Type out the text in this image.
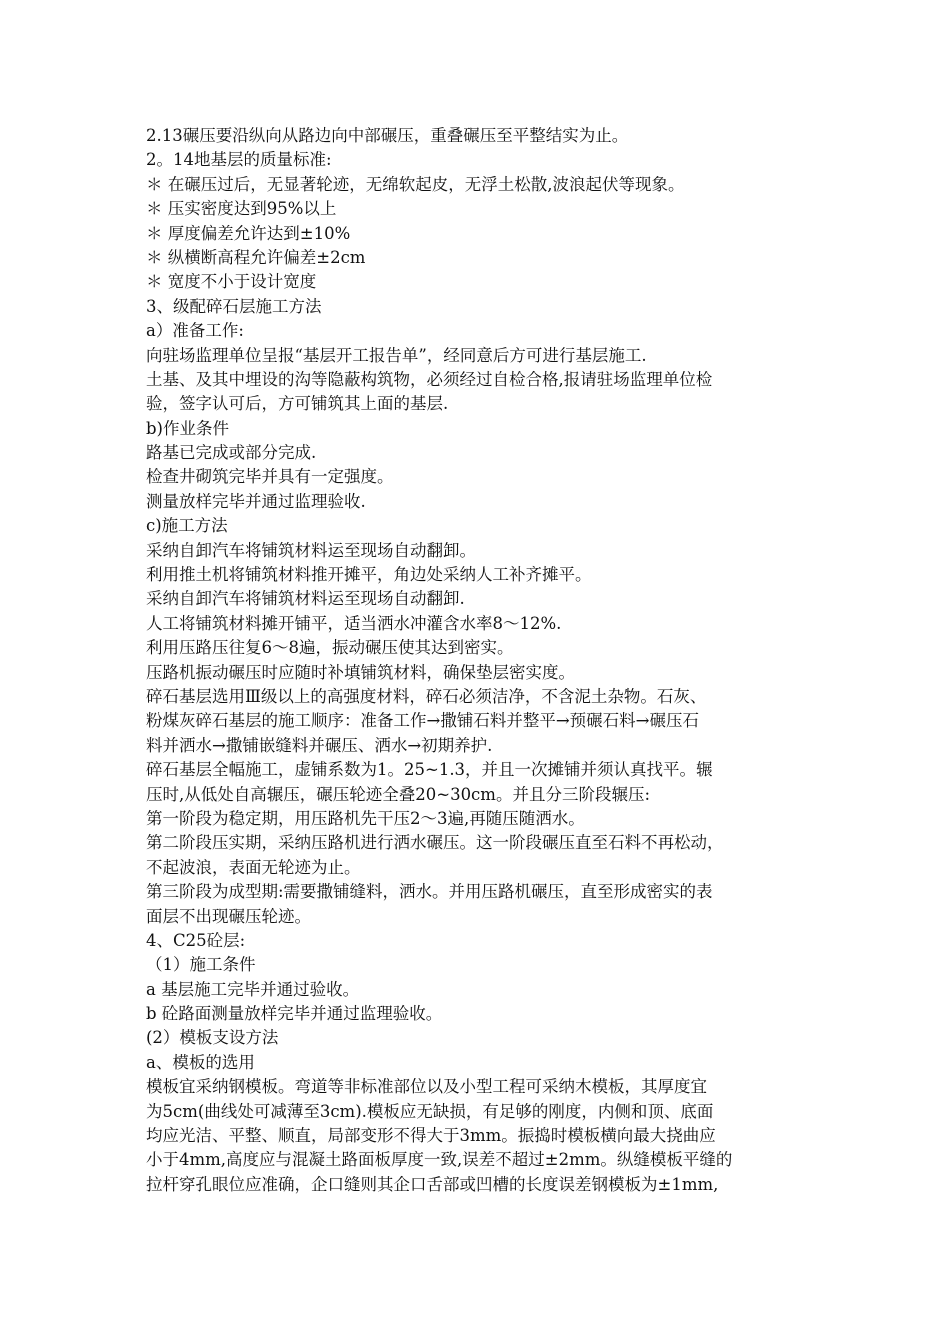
2.13碾压要沿纵向从路边向中部碾压，重叠碾压至平整结实为止。
2。14地基层的质量标准:
＊ 在碾压过后，无显著轮迹，无绵软起皮，无浮土松散,波浪起伏等现象。
＊ 压实密度达到95%以上
＊ 厚度偏差允许达到±10%
＊ 纵横断高程允许偏差±2cm
＊ 宽度不小于设计宽度
3、级配碎石层施工方法
a）准备工作:
向驻场监理单位呈报“基层开工报告单”，经同意后方可进行基层施工.
土基、及其中埋设的沟等隐蔽构筑物，必须经过自检合格,报请驻场监理单位检
验，签字认可后，方可铺筑其上面的基层.
b)作业条件
路基已完成或部分完成.
检查井砌筑完毕并具有一定强度。
测量放样完毕并通过监理验收.
c)施工方法
采纳自卸汽车将铺筑材料运至现场自动翻卸。
利用推土机将铺筑材料推开摊平，角边处采纳人工补齐摊平。
采纳自卸汽车将铺筑材料运至现场自动翻卸.
人工将铺筑材料摊开铺平，适当洒水冲灌含水率8～12%.
利用压路压往复6～8遍，振动碾压使其达到密实。
压路机振动碾压时应随时补填铺筑材料，确保垫层密实度。
碎石基层选用Ⅲ级以上的高强度材料，碎石必须洁净，不含泥土杂物。石灰、
粉煤灰碎石基层的施工顺序：准备工作→撒铺石料并整平→预碾石料→碾压石
料并洒水→撒铺嵌缝料并碾压、洒水→初期养护.
碎石基层全幅施工，虚铺系数为1。25~1.3，并且一次摊铺并须认真找平。辗
压时,从低处自高辗压，碾压轮迹全叠20~30cm。并且分三阶段辗压:
第一阶段为稳定期，用压路机先干压2～3遍,再随压随洒水。
第二阶段压实期，采纳压路机进行洒水碾压。这一阶段碾压直至石料不再松动，
不起波浪，表面无轮迹为止。
第三阶段为成型期:需要撒铺缝料，洒水。并用压路机碾压，直至形成密实的表
面层不出现碾压轮迹。
4、C25砼层:
（1）施工条件
a 基层施工完毕并通过验收。
b 砼路面测量放样完毕并通过监理验收。
(2）模板支设方法
a、模板的选用
模板宜采纳钢模板。弯道等非标准部位以及小型工程可采纳木模板，其厚度宜
为5cm(曲线处可减薄至3cm).模板应无缺损，有足够的刚度，内侧和顶、底面
均应光洁、平整、顺直，局部变形不得大于3mm。振捣时模板横向最大挠曲应
小于4mm,高度应与混凝土路面板厚度一致,误差不超过±2mm。纵缝模板平缝的
拉杆穿孔眼位应准确，企口缝则其企口舌部或凹槽的长度误差钢模板为±1mm,
